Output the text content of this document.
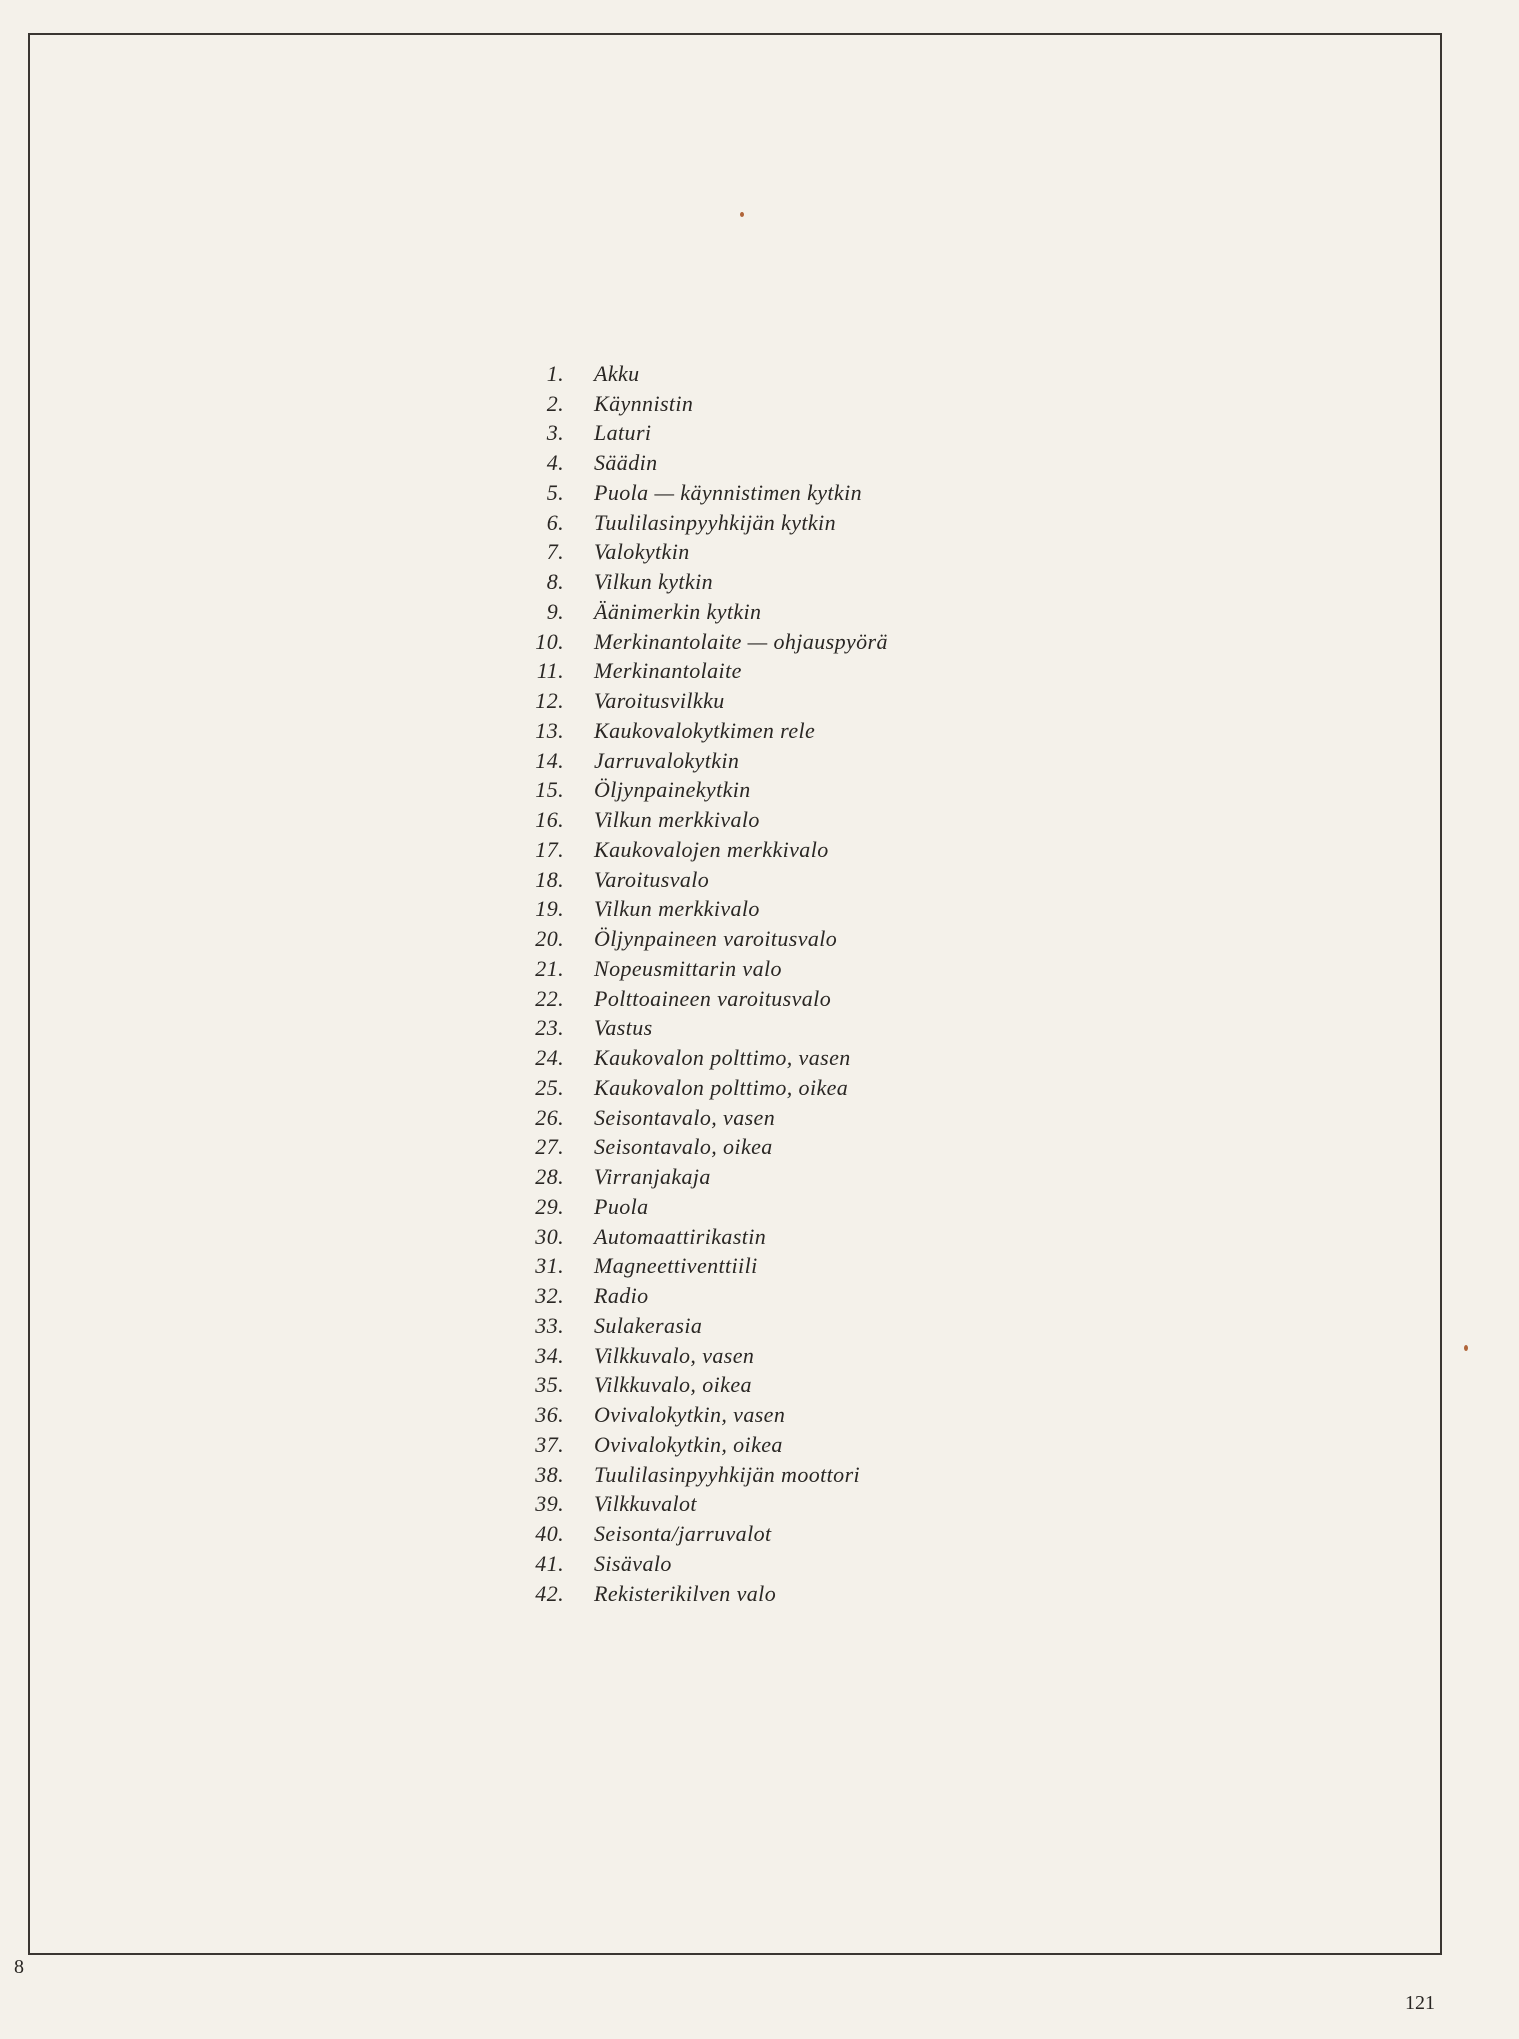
1. Akku
2. Käynnistin
3. Laturi
4. Säädin
5. Puola — käynnistimen kytkin
6. Tuulilasinpyyhkijän kytkin
7. Valokytkin
8. Vilkun kytkin
9. Äänimerkin kytkin
10. Merkinantolaite — ohjauspyörä
11. Merkinantolaite
12. Varoitusvilkku
13. Kaukovalokytkimen rele
14. Jarruvalokytkin
15. Öljynpainekytkin
16. Vilkun merkkivalo
17. Kaukovalojen merkkivalo
18. Varoitusvalo
19. Vilkun merkkivalo
20. Öljynpaineen varoitusvalo
21. Nopeusmittarin valo
22. Polttoaineen varoitusvalo
23. Vastus
24. Kaukovalon polttimo, vasen
25. Kaukovalon polttimo, oikea
26. Seisontavalo, vasen
27. Seisontavalo, oikea
28. Virranjakaja
29. Puola
30. Automaattirikastin
31. Magneettiventtiili
32. Radio
33. Sulakerasia
34. Vilkkuvalo, vasen
35. Vilkkuvalo, oikea
36. Ovivalokytkin, vasen
37. Ovivalokytkin, oikea
38. Tuulilasinpyyhkijän moottori
39. Vilkkuvalot
40. Seisonta/jarruvalot
41. Sisävalo
42. Rekisterikilven valo
8
121
